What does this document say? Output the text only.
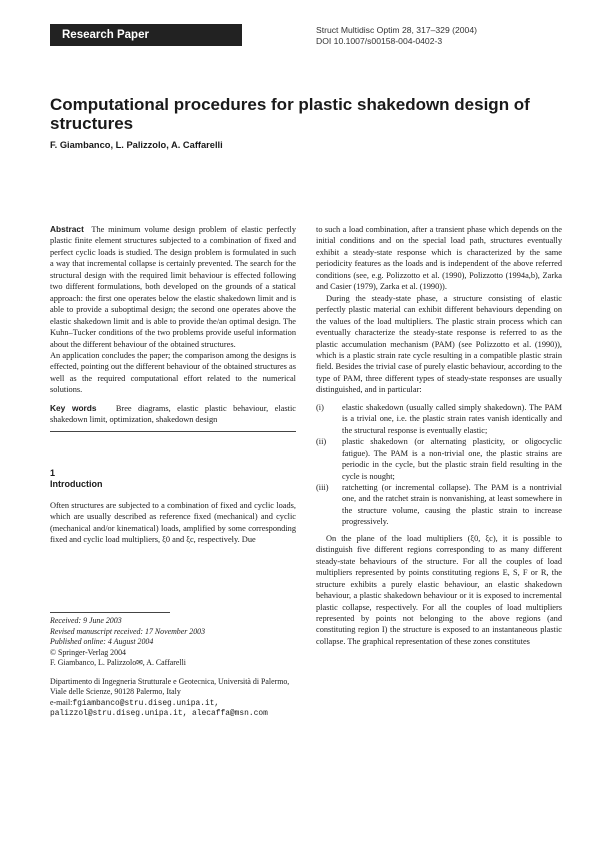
Research Paper	Struct Multidisc Optim 28, 317–329 (2004)
DOI 10.1007/s00158-004-0402-3
Computational procedures for plastic shakedown design of structures
F. Giambanco, L. Palizzolo, A. Caffarelli

Abstract The minimum volume design problem of elastic perfectly plastic finite element structures subjected to a combination of fixed and perfect cyclic loads is studied. The design problem is formulated in such a way that incremental collapse is certainly prevented. The search for the structural design with the required limit behaviour is effected following two different formulations, both developed on the grounds of a statical approach: the first one operates below the elastic shakedown limit and is able to provide a suboptimal design; the second one operates above the elastic shakedown limit and is able to provide the/an optimal design. The Kuhn–Tucker conditions of the two problems provide useful information about the different behaviour of the obtained structures.

An application concludes the paper; the comparison among the designs is effected, pointing out the different behaviour of the obtained structures as well as the required computational effort related to the numerical solutions.

Key words Bree diagrams, elastic plastic behaviour, elastic shakedown limit, optimization, shakedown design

1

Introduction

Often structures are subjected to a combination of fixed and cyclic loads, which are usually described as reference fixed (mechanical) and cyclic (mechanical and/or kinematical) loads, amplified by some corresponding fixed and cyclic load multipliers, ξ0 and ξc, respectively. Due

Received: 9 June 2003

Revised manuscript received: 17 November 2003

Published online: 4 August 2004

© Springer-Verlag 2004

F. Giambanco, L. Palizzolo✉, A. Caffarelli

Dipartimento di Ingegneria Strutturale e Geotecnica, Università di Palermo, Viale delle Scienze, 90128 Palermo, Italy

e-mail:fgiambanco@stru.diseg.unipa.it,

palizzol@stru.diseg.unipa.it, alecaffa@msn.com

to such a load combination, after a transient phase which depends on the initial conditions and on the special load path, structures eventually exhibit a steady-state response which is characterized by the same periodicity features as the loads and is independent of the above referred conditions (see, e.g. Polizzotto et al. (1990), Polizzotto (1994a,b), Zarka and Casier (1979), Zarka et al. (1990)).

During the steady-state phase, a structure consisting of elastic perfectly plastic material can exhibit different behaviours depending on the values of the load multipliers. The plastic strain process which can eventually characterize the steady-state response is referred to as the plastic accumulation mechanism (PAM) (see Polizzotto et al. (1990)), which is a plastic strain rate cycle resulting in a compatible plastic strain field. Besides the trivial case of purely elastic behaviour, according to the type of PAM, three different types of steady-state responses are usually distinguished, and in particular:

(i)	elastic shakedown (usually called simply shakedown). The PAM is a trivial one, i.e. the plastic strain rates vanish identically and the structural response is eventually elastic;
(ii)	plastic shakedown (or alternating plasticity, or oligocyclic fatigue). The PAM is a non-trivial one, the plastic strains are periodic in the cycle, but the plastic strain field resulting in the cycle is nought;
(iii)	ratchetting (or incremental collapse). The PAM is a nontrivial one, and the ratchet strain is nonvanishing, at least somewhere in the structure volume, causing the plastic strain to increase progressively.

On the plane of the load multipliers (ξ0, ξc), it is possible to distinguish five different regions corresponding to as many different steady-state behaviours of the structure. For all the couples of load multipliers represented by points constituting regions E, S, F or R, the structure exhibits a purely elastic behaviour, an elastic shakedown behaviour, a plastic shakedown behaviour or it is exposed to incremental plastic collapse, respectively. For all the couples of load multipliers represented by points not belonging to the above regions (and constituting region I) the structure is exposed to an instantaneous plastic collapse. The graphical representation of these zones constitutes
